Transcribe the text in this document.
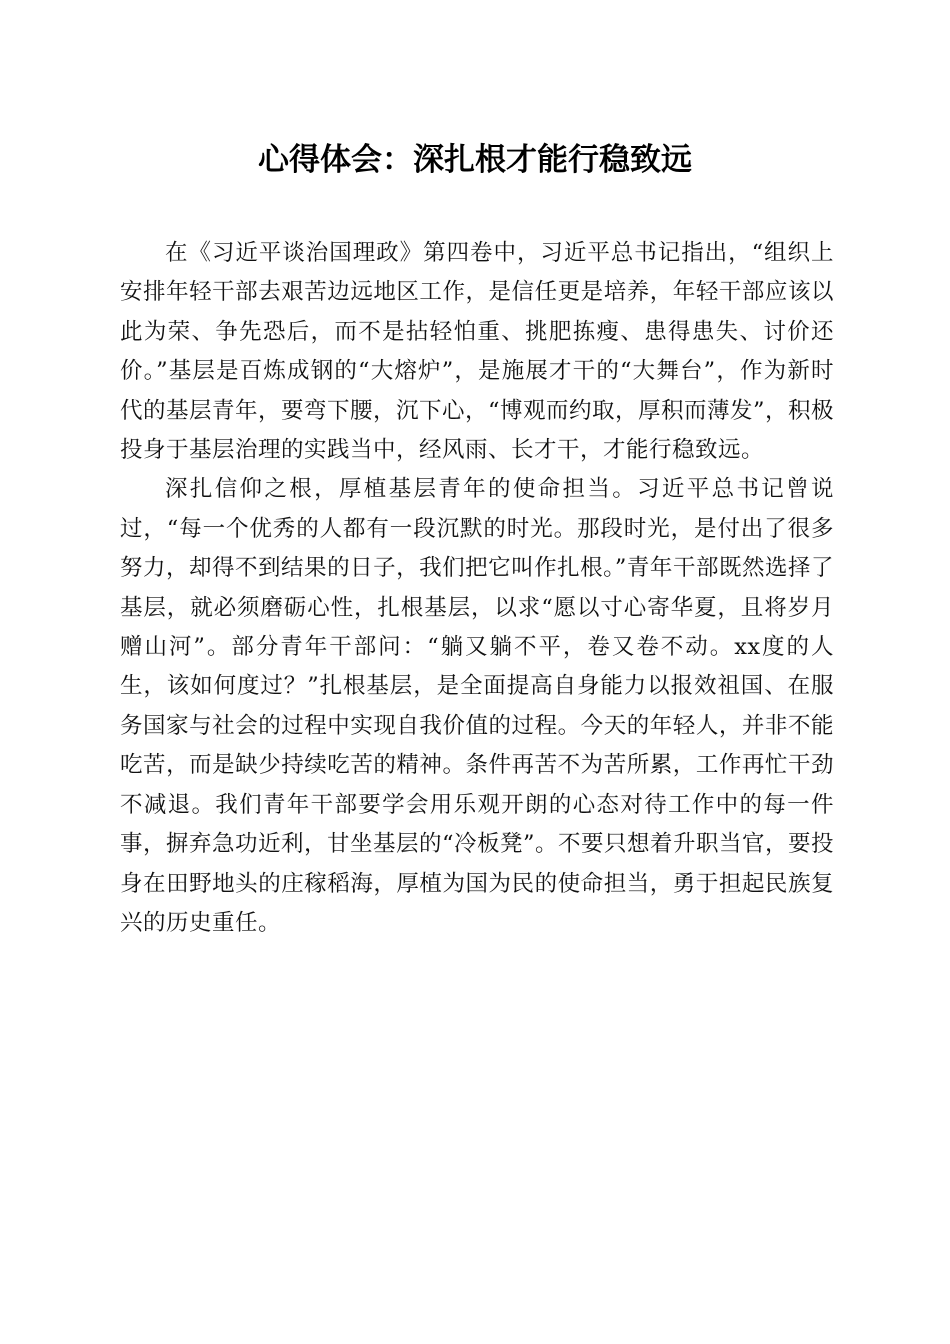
心得体会：深扎根才能行稳致远

在《习近平谈治国理政》第四卷中，习近平总书记指出，“组织上安排年轻干部去艰苦边远地区工作，是信任更是培养，年轻干部应该以此为荣、争先恐后，而不是拈轻怕重、挑肥拣瘦、患得患失、讨价还价。”基层是百炼成钢的“大熔炉”，是施展才干的“大舞台”，作为新时代的基层青年，要弯下腰，沉下心，“博观而约取，厚积而薄发”，积极投身于基层治理的实践当中，经风雨、长才干，才能行稳致远。

深扎信仰之根，厚植基层青年的使命担当。习近平总书记曾说过，“每一个优秀的人都有一段沉默的时光。那段时光，是付出了很多努力，却得不到结果的日子，我们把它叫作扎根。”青年干部既然选择了基层，就必须磨砺心性，扎根基层，以求“愿以寸心寄华夏，且将岁月赠山河”。部分青年干部问：“躺又躺不平，卷又卷不动。xx度的人生，该如何度过？”扎根基层，是全面提高自身能力以报效祖国、在服务国家与社会的过程中实现自我价值的过程。今天的年轻人，并非不能吃苦，而是缺少持续吃苦的精神。条件再苦不为苦所累，工作再忙干劲不减退。我们青年干部要学会用乐观开朗的心态对待工作中的每一件事，摒弃急功近利，甘坐基层的“冷板凳”。不要只想着升职当官，要投身在田野地头的庄稼稻海，厚植为国为民的使命担当，勇于担起民族复兴的历史重任。
